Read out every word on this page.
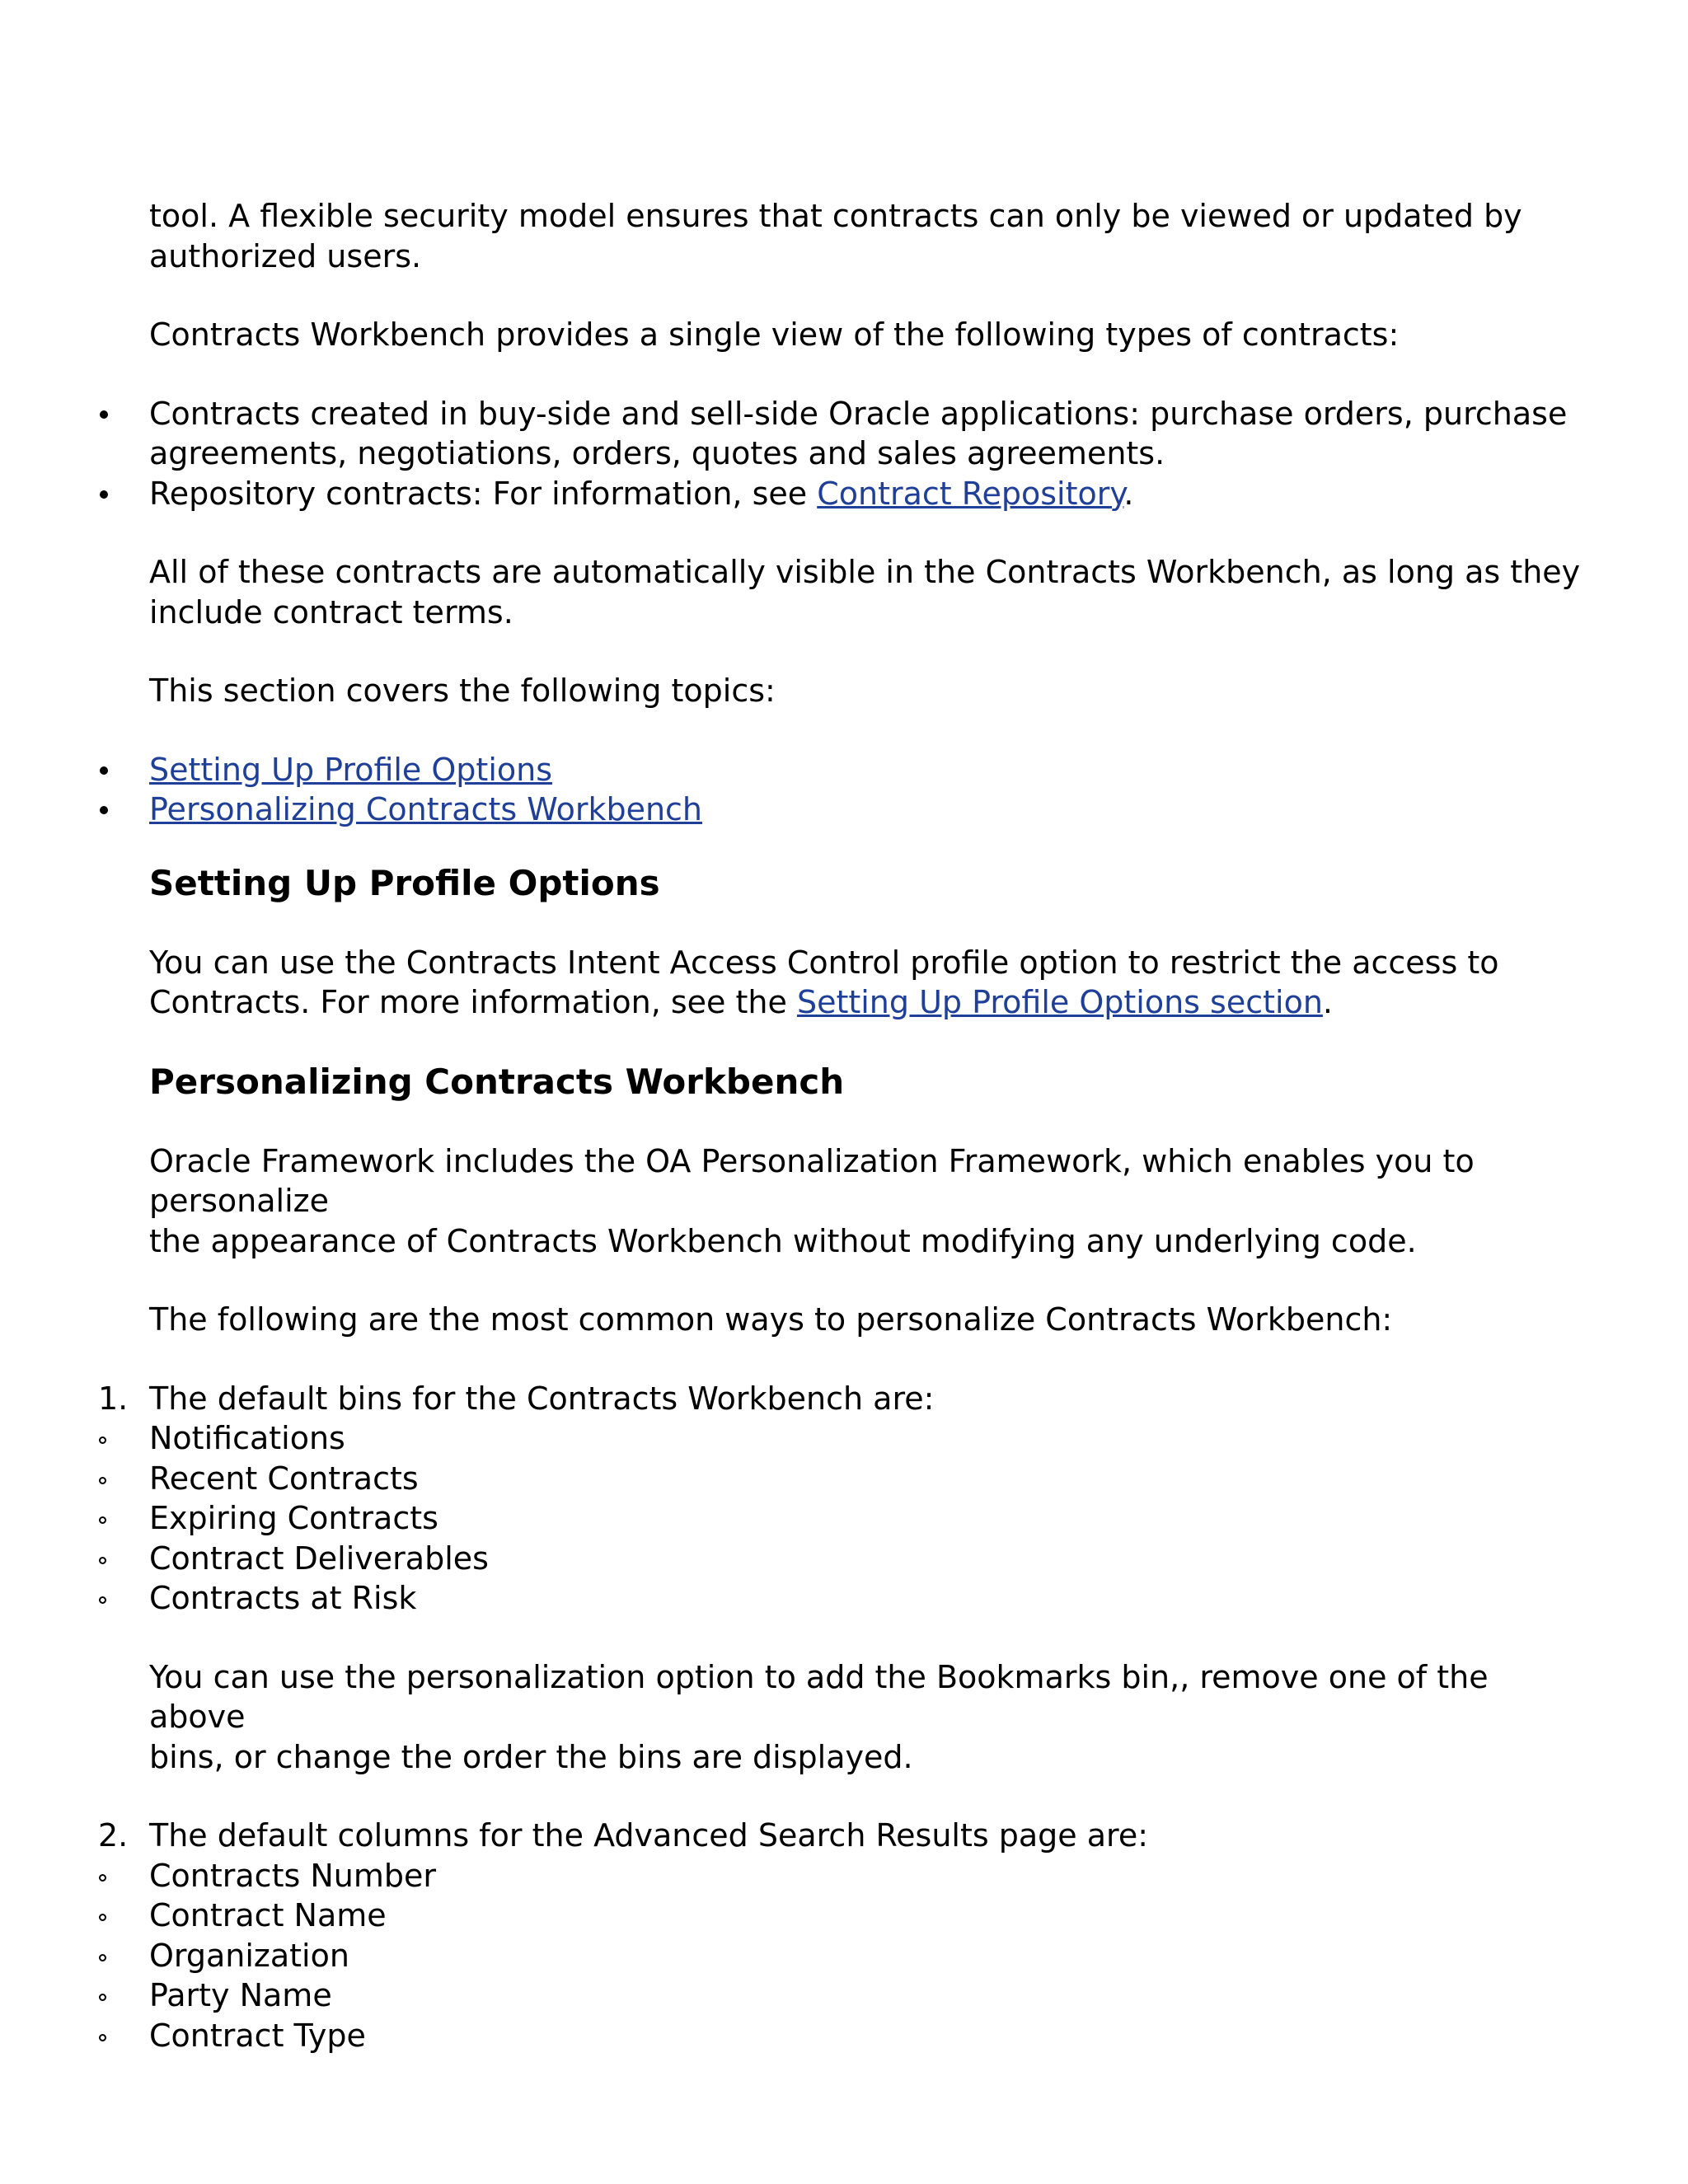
tool. A flexible security model ensures that contracts can only be viewed or updated by
authorized users.

Contracts Workbench provides a single view of the following types of contracts:

Contracts created in buy-side and sell-side Oracle applications: purchase orders, purchase
agreements, negotiations, orders, quotes and sales agreements.
Repository contracts: For information, see Contract Repository.

All of these contracts are automatically visible in the Contracts Workbench, as long as they
include contract terms.

This section covers the following topics:

Setting Up Profile Options
Personalizing Contracts Workbench
Setting Up Profile Options

You can use the Contracts Intent Access Control profile option to restrict the access to
Contracts. For more information, see the Setting Up Profile Options section.

Personalizing Contracts Workbench

Oracle Framework includes the OA Personalization Framework, which enables you to personalize
the appearance of Contracts Workbench without modifying any underlying code.

The following are the most common ways to personalize Contracts Workbench:

1. The default bins for the Contracts Workbench are:
Notifications
Recent Contracts
Expiring Contracts
Contract Deliverables
Contracts at Risk

You can use the personalization option to add the Bookmarks bin,, remove one of the above
bins, or change the order the bins are displayed.

2. The default columns for the Advanced Search Results page are:
Contracts Number
Contract Name
Organization
Party Name
Contract Type
